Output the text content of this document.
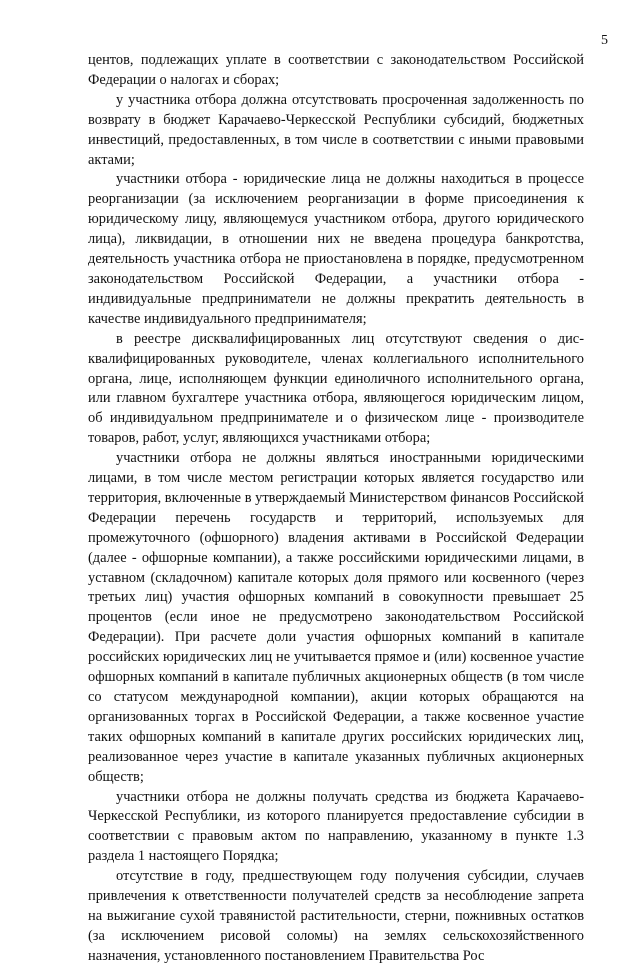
5

центов, подлежащих уплате в соответствии с законодательством Российской Федерации о налогах и сборах;

у участника отбора должна отсутствовать просроченная задолженность по возврату в бюджет Карачаево-Черкесской Республики субсидий, бюджетных инвестиций, предоставленных, в том числе в соответствии с иными правовыми актами;

участники отбора - юридические лица не должны находиться в процессе реорганизации (за исключением реорганизации в форме присоединения к юридическому лицу, являющемуся участником отбора, другого юридического лица), ликвидации, в отношении них не введена процедура банкротства, деятельность участника отбора не приостановлена в порядке, предусмотренном законодательством Российской Федерации, а участники отбора - индивидуальные предприниматели не должны прекратить деятельность в качестве индивидуального предпринимателя;

в реестре дисквалифицированных лиц отсутствуют сведения о дисквалифицированных руководителе, членах коллегиального исполнительного органа, лице, исполняющем функции единоличного исполнительного органа, или главном бухгалтере участника отбора, являющегося юридическим лицом, об индивидуальном предпринимателе и о физическом лице - производителе товаров, работ, услуг, являющихся участниками отбора;

участники отбора не должны являться иностранными юридическими лицами, в том числе местом регистрации которых является государство или территория, включенные в утверждаемый Министерством финансов Российской Федерации перечень государств и территорий, используемых для промежуточного (офшорного) владения активами в Российской Федерации (далее - офшорные компании), а также российскими юридическими лицами, в уставном (складочном) капитале которых доля прямого или косвенного (через третьих лиц) участия офшорных компаний в совокупности превышает 25 процентов (если иное не предусмотрено законодательством Российской Федерации). При расчете доли участия офшорных компаний в капитале российских юридических лиц не учитывается прямое и (или) косвенное участие офшорных компаний в капитале публичных акционерных обществ (в том числе со статусом международной компании), акции которых обращаются на организованных торгах в Российской Федерации, а также косвенное участие таких офшорных компаний в капитале других российских юридических лиц, реализованное через участие в капитале указанных публичных акционерных обществ;

участники отбора не должны получать средства из бюджета Карачаево-Черкесской Республики, из которого планируется предоставление субсидии в соответствии с правовым актом по направлению, указанному в пункте 1.3 раздела 1 настоящего Порядка;

отсутствие в году, предшествующем году получения субсидии, случаев привлечения к ответственности получателей средств за несоблюдение запрета на выжигание сухой травянистой растительности, стерни, пожнивных остатков (за исключением рисовой соломы) на землях сельскохозяйственного назначения, установленного постановлением Правительства Рос
